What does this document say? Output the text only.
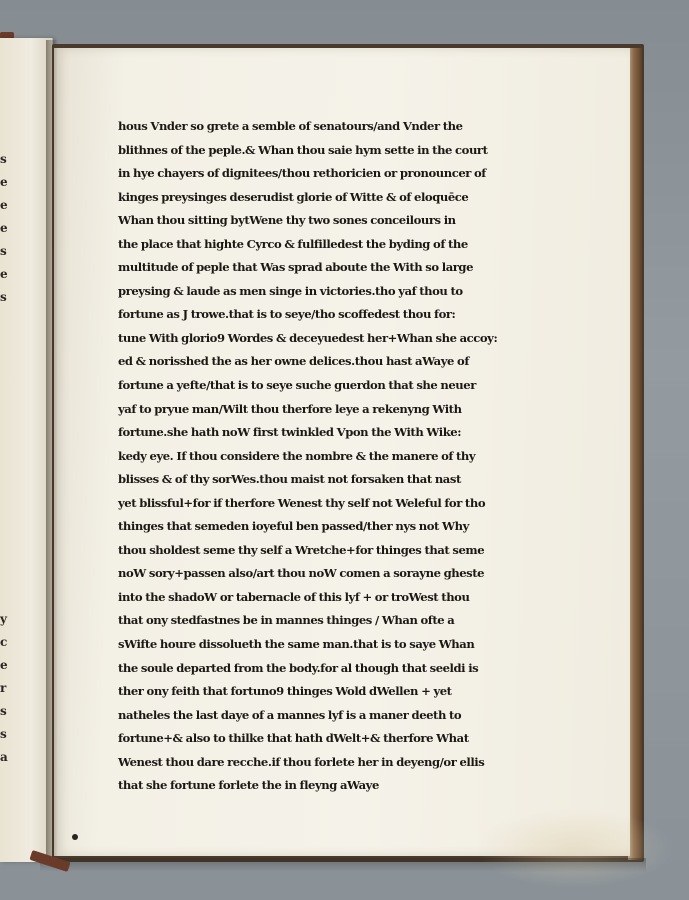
s
e
e
e
s
e
s

y
c
e
r
s
s
a
hous Vnder so grete a semble of senatours/and Vnder the
blithnes of the peple.& Whan thou saie hym sette in the court
in hye chayers of dignitees/thou rethoricien or pronouncer of
kinges preysinges deserudist glorie of Witte & of eloquēce
Whan thou sitting bytWene thy two sones conceilours in
the place that highte Cyrco & fulfilledest the byding of the
multitude of peple that Was sprad aboute the With so large
preysing & laude as men singe in victories.tho yaf thou to
fortune as J trowe.that is to seye/tho scoffedest thou for:
tune With glorio9 Wordes & deceyuedest her+Whan she accoy:
ed & norisshed the as her owne delices.thou hast aWaye of
fortune a yefte/that is to seye suche guerdon that she neuer
yaf to pryue man/Wilt thou therfore leye a rekenyng With
fortune.she hath noW first twinkled Vpon the With Wike:
kedy eye. If thou considere the nombre & the manere of thy
blisses & of thy sorWes.thou maist not forsaken that nast
yet blissful+for if therfore Wenest thy self not Weleful for tho
thinges that semeden ioyeful ben passed/ther nys not Why
thou sholdest seme thy self a Wretche+for thinges that seme
noW sory+passen also/art thou noW comen a sorayne gheste
into the shadoW or tabernacle of this lyf + or troWest thou
that ony stedfastnes be in mannes thinges / Whan ofte a
sWifte houre dissolueth the same man.that is to saye Whan
the soule departed from the body.for al though that seeldi is
ther ony feith that fortuno9 thinges Wold dWellen + yet
natheles the last daye of a mannes lyf is a maner deeth to
fortune+& also to thilke that hath dWelt+& therfore What
Wenest thou dare recche.if thou forlete her in deyeng/or ellis
that she fortune forlete the in fleyng aWaye
